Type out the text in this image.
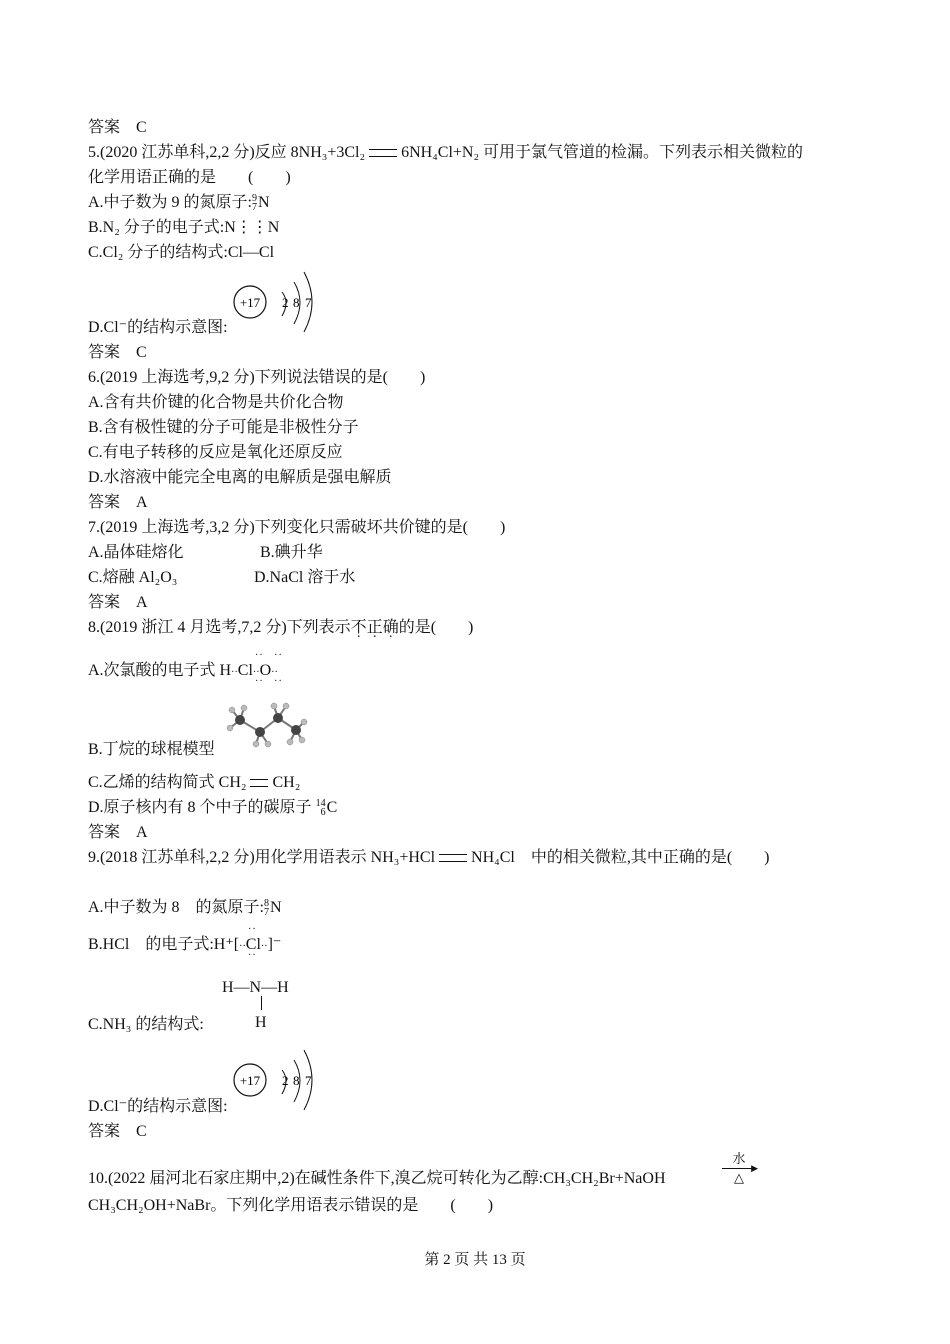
答案　C
5.(2020 江苏单科,2,2 分)反应 8NH₃+3Cl₂ 6NH₄Cl+N₂ 可用于氯气管道的检漏。下列表示相关微粒的
化学用语正确的是　　(　　)
A.中子数为 9 的氮原子: 9
7 N
B.N₂ 分子的电子式:N⋮⋮N
C.Cl₂ 分子的结构式:Cl—Cl
+17 2 8 7
D.Cl⁻的结构示意图:
答案　C
6.(2019 上海选考,9,2 分)下列说法错误的是(　　)
A.含有共价键的化合物是共价化合物
B.含有极性键的分子可能是非极性分子
C.有电子转移的反应是氧化还原反应
D.水溶液中能完全电离的电解质是强电解质
答案　A
7.(2019 上海选考,3,2 分)下列变化只需破坏共价键的是(　　)
A.晶体硅熔化	B.碘升华
C.熔融 Al₂O₃	D.NaCl 溶于水
答案　A
8.(2019 浙江 4 月选考,7,2 分)下列表示不正确的是(　　)
A.次氯酸的电子式 H··Cl··O··
··   ··
··   ··
B.丁烷的球棍模型
C.乙烯的结构简式 CH₂ CH₂
D.原子核内有 8 个中子的碳原子 14
6 C
答案　A
9.(2018 江苏单科,2,2 分)用化学用语表示 NH₃+HCl NH₄Cl　中的相关微粒,其中正确的是(　　)
A.中子数为 8　的氮原子: 8
7 N
B.HCl　的电子式:H⁺[··Cl··]⁻
··
··
H—N—H
H
C.NH₃ 的结构式:
+17 2 8 7
D.Cl⁻的结构示意图:
答案　C
10.(2022 届河北石家庄期中,2)在碱性条件下,溴乙烷可转化为乙醇:CH₃CH₂Br+NaOH
水
▶
△
CH₃CH₂OH+NaBr。下列化学用语表示错误的是　　(　　)
第 2 页 共 13 页
